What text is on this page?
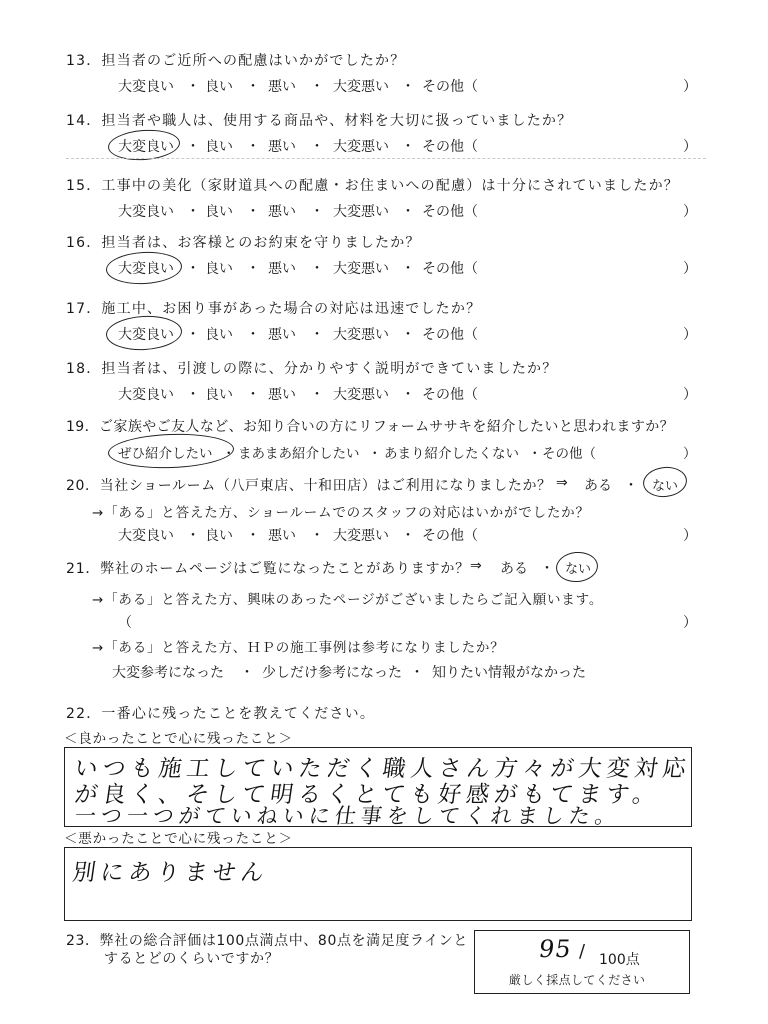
13．担当者のご近所への配慮はいかがでしたか？
大変良い ・ 良い ・ 悪い ・ 大変悪い ・ その他（	）
14．担当者や職人は、使用する商品や、材料を大切に扱っていましたか？
大変良い ・ 良い ・ 悪い ・ 大変悪い ・ その他（	）
15．工事中の美化（家財道具への配慮・お住まいへの配慮）は十分にされていましたか？
大変良い ・ 良い ・ 悪い ・ 大変悪い ・ その他（	）
16．担当者は、お客様とのお約束を守りましたか？
大変良い ・ 良い ・ 悪い ・ 大変悪い ・ その他（	）
17．施工中、お困り事があった場合の対応は迅速でしたか？
大変良い ・ 良い ・ 悪い ・ 大変悪い ・ その他（	）
18．担当者は、引渡しの際に、分かりやすく説明ができていましたか？
大変良い ・ 良い ・ 悪い ・ 大変悪い ・ その他（	）
19．ご家族やご友人など、お知り合いの方にリフォームササキを紹介したいと思われますか？
ぜひ紹介したい ・ まあまあ紹介したい ・ あまり紹介したくない ・ その他（	）
20．当社ショールーム（八戸東店、十和田店）はご利用になりましたか？ ⇒ ある ・ ない
→「ある」と答えた方、ショールームでのスタッフの対応はいかがでしたか？
大変良い ・ 良い ・ 悪い ・ 大変悪い ・ その他（	）
21．弊社のホームページはご覧になったことがありますか？ ⇒ ある ・ ない
→「ある」と答えた方、興味のあったページがございましたらご記入願います。
（	）
→「ある」と答えた方、ＨＰの施工事例は参考になりましたか？
大変参考になった ・ 少しだけ参考になった ・ 知りたい情報がなかった
22．一番心に残ったことを教えてください。
＜良かったことで心に残ったこと＞
いつも施工していただく職人さん方々が大変対応
が良く、そして明るくとても好感がもてます。
一つ一つがていねいに仕事をしてくれました。
＜悪かったことで心に残ったこと＞
別にありません
23．弊社の総合評価は100点満点中、80点を満足度ラインと
するとどのくらいですか？	95 / 100点
厳しく採点してください
